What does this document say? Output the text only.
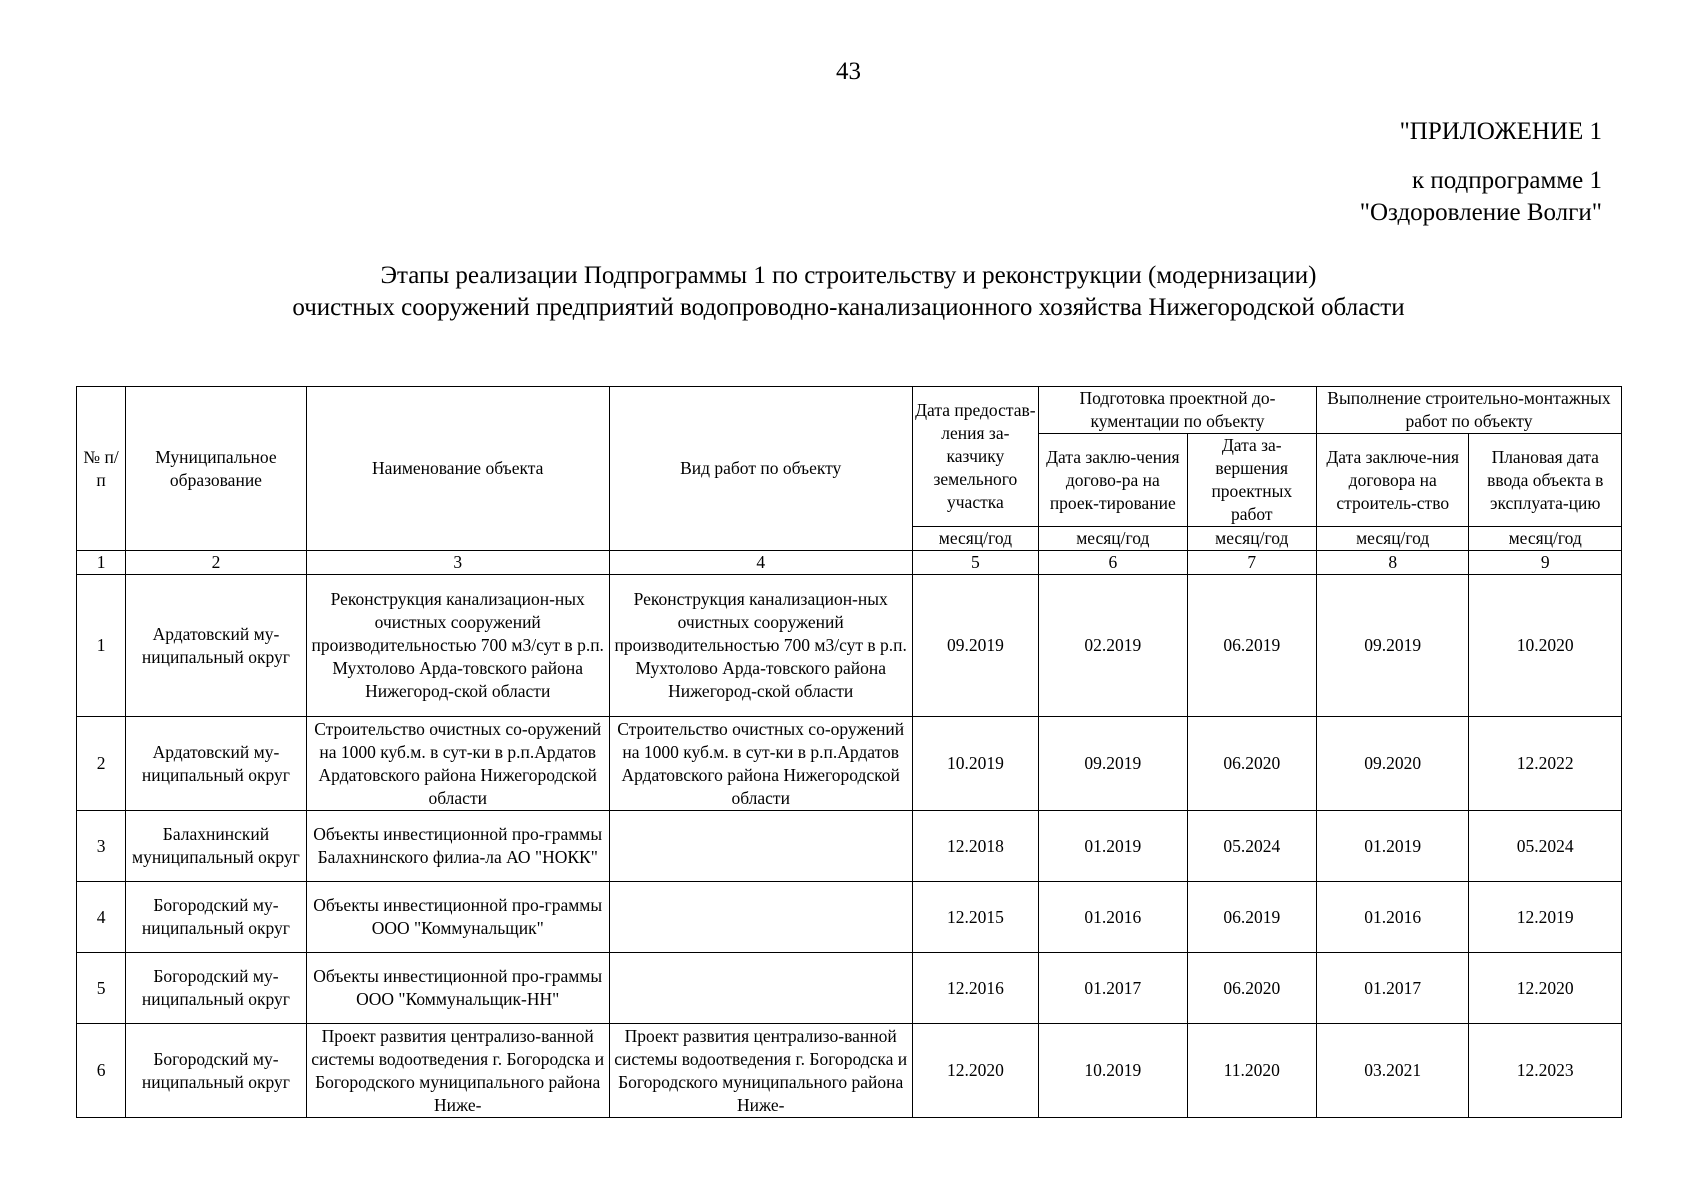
43
"ПРИЛОЖЕНИЕ 1
к подпрограмме 1
"Оздоровление Волги"
Этапы реализации Подпрограммы 1 по строительству и реконструкции (модернизации)
очистных сооружений предприятий водопроводно-канализационного хозяйства Нижегородской области
№ п/п	Муниципальное образование	Наименование объекта	Вид работ по объекту	Дата предостав-ления за-казчику земельного участка	Подготовка проектной до-кументации по объекту		Выполнение строительно-монтажных работ по объекту	
					Дата заклю-чения догово-ра на проек-тирование	Дата за-вершения проектных работ	Дата заключе-ния договора на строитель-ство	Плановая дата ввода объекта в эксплуата-цию
				месяц/год	месяц/год	месяц/год	месяц/год	месяц/год
1	2	3	4	5	6	7	8	9
1	Ардатовский му-ниципальный округ	Реконструкция канализацион-ных очистных сооружений производительностью 700 м3/сут в р.п. Мухтолово Арда-товского района Нижегород-ской области	Реконструкция канализацион-ных очистных сооружений производительностью 700 м3/сут в р.п. Мухтолово Арда-товского района Нижегород-ской области	09.2019	02.2019	06.2019	09.2019	10.2020
2	Ардатовский му-ниципальный округ	Строительство очистных со-оружений на 1000 куб.м. в сут-ки в р.п.Ардатов Ардатовского района Нижегородской области	Строительство очистных со-оружений на 1000 куб.м. в сут-ки в р.п.Ардатов Ардатовского района Нижегородской области	10.2019	09.2019	06.2020	09.2020	12.2022
3	Балахнинский муниципальный округ	Объекты инвестиционной про-граммы Балахнинского филиа-ла АО "НОКК"		12.2018	01.2019	05.2024	01.2019	05.2024
4	Богородский му-ниципальный округ	Объекты инвестиционной про-граммы ООО "Коммунальщик"		12.2015	01.2016	06.2019	01.2016	12.2019
5	Богородский му-ниципальный округ	Объекты инвестиционной про-граммы ООО "Коммунальщик-НН"		12.2016	01.2017	06.2020	01.2017	12.2020
6	Богородский му-ниципальный округ	Проект развития централизо-ванной системы водоотведения г. Богородска и Богородского муниципального района Ниже-	Проект развития централизо-ванной системы водоотведения г. Богородска и Богородского муниципального района Ниже-	12.2020	10.2019	11.2020	03.2021	12.2023
